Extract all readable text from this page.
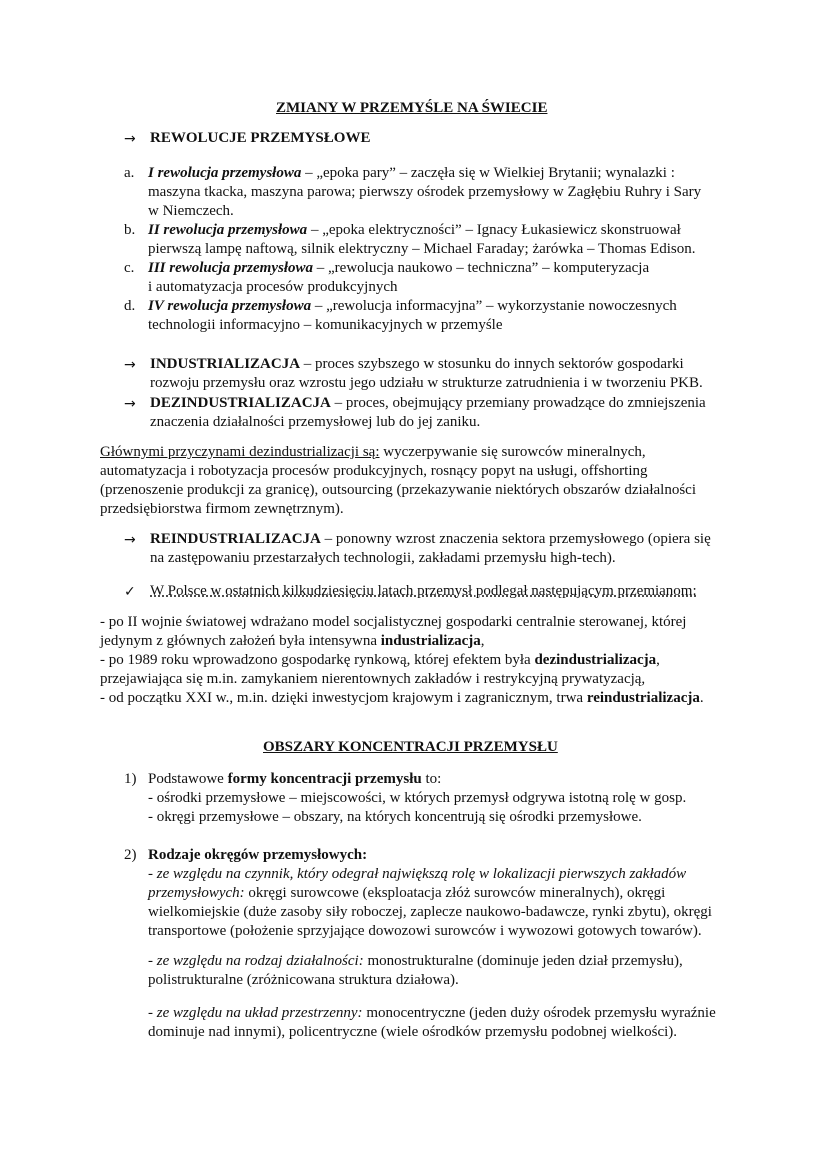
ZMIANY W PRZEMYŚLE NA ŚWIECIE
→ REWOLUCJE PRZEMYSŁOWE
a. I rewolucja przemysłowa – „epoka pary” – zaczęła się w Wielkiej Brytanii; wynalazki :
maszyna tkacka, maszyna parowa; pierwszy ośrodek przemysłowy w Zagłębiu Ruhry i Sary
w Niemczech.
b. II rewolucja przemysłowa – „epoka elektryczności” – Ignacy Łukasiewicz skonstruował
pierwszą lampę naftową, silnik elektryczny – Michael Faraday; żarówka – Thomas Edison.
c. III rewolucja przemysłowa – „rewolucja naukowo – techniczna” – komputeryzacja
i automatyzacja procesów produkcyjnych
d. IV rewolucja przemysłowa – „rewolucja informacyjna” – wykorzystanie nowoczesnych
technologii informacyjno – komunikacyjnych w przemyśle
→ INDUSTRIALIZACJA – proces szybszego w stosunku do innych sektorów gospodarki
rozwoju przemysłu oraz wzrostu jego udziału w strukturze zatrudnienia i w tworzeniu PKB.
→ DEZINDUSTRIALIZACJA – proces, obejmujący przemiany prowadzące do zmniejszenia
znaczenia działalności przemysłowej lub do jej zaniku.
Głównymi przyczynami dezindustrializacji są: wyczerpywanie się surowców mineralnych,
automatyzacja i robotyzacja procesów produkcyjnych, rosnący popyt na usługi, offshorting
(przenoszenie produkcji za granicę), outsourcing (przekazywanie niektórych obszarów działalności
przedsiębiorstwa firmom zewnętrznym).
→ REINDUSTRIALIZACJA – ponowny wzrost znaczenia sektora przemysłowego (opiera się
na zastępowaniu przestarzałych technologii, zakładami przemysłu high-tech).
✓ W Polsce w ostatnich kilkudziesięciu latach przemysł podlegał następującym przemianom:
- po II wojnie światowej wdrażano model socjalistycznej gospodarki centralnie sterowanej, której
jedynym z głównych założeń była intensywna industrializacja,
- po 1989 roku wprowadzono gospodarkę rynkową, której efektem była dezindustrializacja,
przejawiająca się m.in. zamykaniem nierentownych zakładów i restrykcyjną prywatyzacją,
- od początku XXI w., m.in. dzięki inwestycjom krajowym i zagranicznym, trwa reindustrializacja.
OBSZARY KONCENTRACJI PRZEMYSŁU
1) Podstawowe formy koncentracji przemysłu to:
- ośrodki przemysłowe – miejscowości, w których przemysł odgrywa istotną rolę w gosp.
- okręgi przemysłowe – obszary, na których koncentrują się ośrodki przemysłowe.
2) Rodzaje okręgów przemysłowych:
- ze względu na czynnik, który odegrał największą rolę w lokalizacji pierwszych zakładów
przemysłowych: okręgi surowcowe (eksploatacja złóż surowców mineralnych), okręgi
wielkomiejskie (duże zasoby siły roboczej, zaplecze naukowo-badawcze, rynki zbytu), okręgi
transportowe (położenie sprzyjające dowozowi surowców i wywozowi gotowych towarów).
- ze względu na rodzaj działalności: monostrukturalne (dominuje jeden dział przemysłu),
polistrukturalne (zróżnicowana struktura działowa).
- ze względu na układ przestrzenny: monocentryczne (jeden duży ośrodek przemysłu wyraźnie
dominuje nad innymi), policentryczne (wiele ośrodków przemysłu podobnej wielkości).
